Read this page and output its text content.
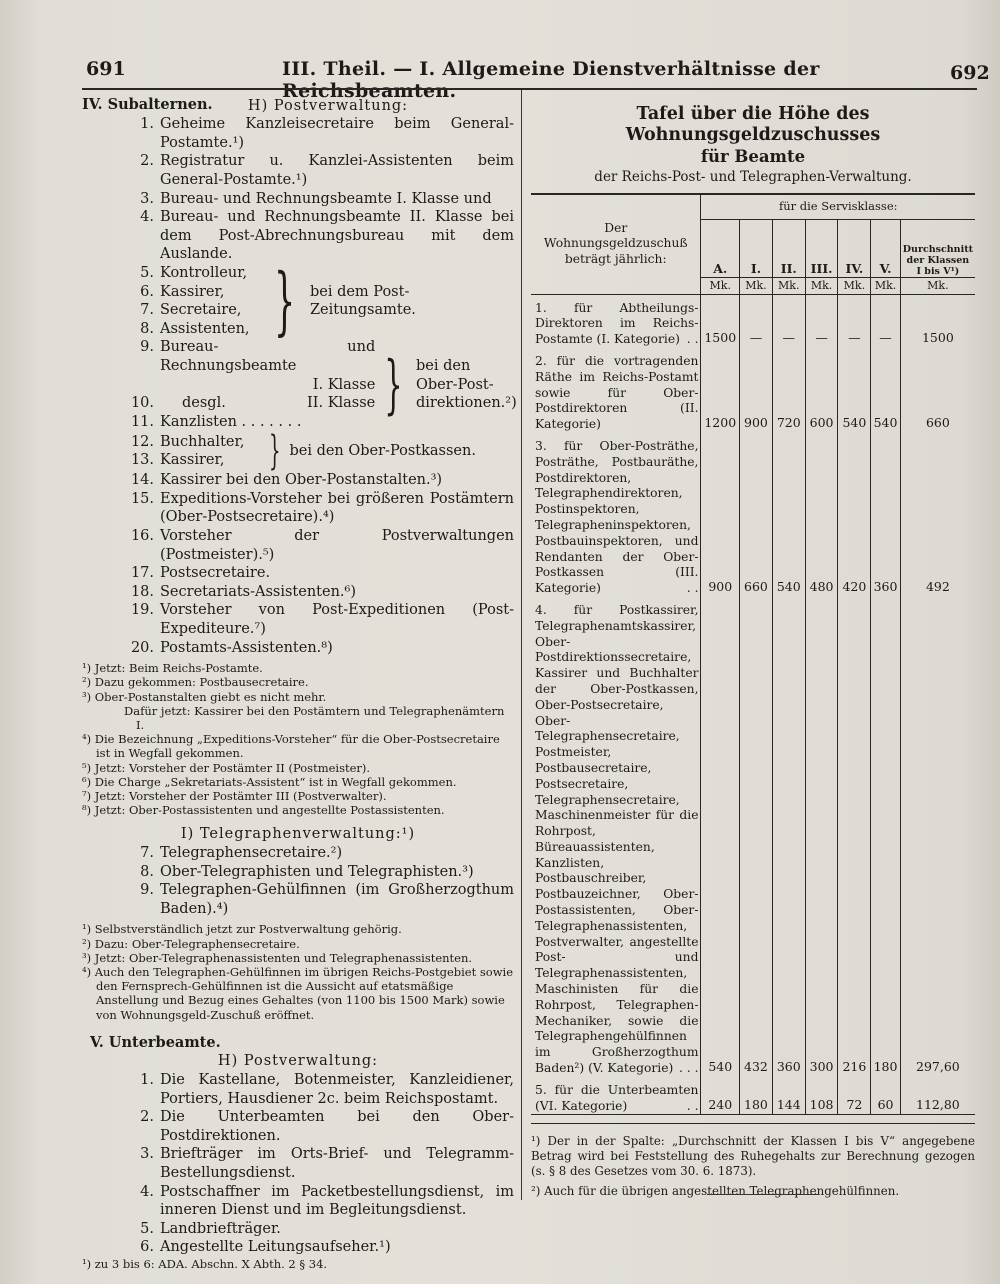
691	III. Theil. — I. Allgemeine Dienstverhältnisse der Reichsbeamten.
692
IV. Subalternen.	H) Postverwaltung:
1. Geheime Kanzleisecretaire beim General-Postamte.¹)
2. Registratur u. Kanzlei-Assistenten beim General-Postamte.¹)
3. Bureau- und Rechnungsbeamte I. Klasse und
4. Bureau- und Rechnungsbeamte II. Klasse bei dem Post-Abrechnungsbureau mit dem Auslande.
5. Kontrolleur,
6. Kassirer,
7. Secretaire,
8. Assistenten, } bei dem Post-Zeitungsamte.
9. Bureau- und Rechnungsbeamte
I. Klasse
10.	desgl.	II. Klasse
11. Kanzlisten . . . . . . .	} bei den Ober-Post-direktionen.²)
12. Buchhalter,
13. Kassirer,	} bei den Ober-Postkassen.
14. Kassirer bei den Ober-Postanstalten.³)
15. Expeditions-Vorsteher bei größeren Postämtern (Ober-Postsecretaire).⁴)
16. Vorsteher der Postverwaltungen (Postmeister).⁵)
17. Postsecretaire.
18. Secretariats-Assistenten.⁶)
19. Vorsteher von Post-Expeditionen (Post-Expediteure.⁷)
20. Postamts-Assistenten.⁸)
¹) Jetzt: Beim Reichs-Postamte.
²) Dazu gekommen: Postbausecretaire.
³) Ober-Postanstalten giebt es nicht mehr.
Dafür jetzt: Kassirer bei den Postämtern und Telegraphenämtern I.
⁴) Die Bezeichnung „Expeditions-Vorsteher“ für die Ober-Postsecretaire ist in Wegfall gekommen.
⁵) Jetzt: Vorsteher der Postämter II (Postmeister).
⁶) Die Charge „Sekretariats-Assistent“ ist in Wegfall gekommen.
⁷) Jetzt: Vorsteher der Postämter III (Postverwalter).
⁸) Jetzt: Ober-Postassistenten und angestellte Postassistenten.
I) Telegraphenverwaltung:¹)
7. Telegraphensecretaire.²)
8. Ober-Telegraphisten und Telegraphisten.³)
9. Telegraphen-Gehülfinnen (im Großherzogthum Baden).⁴)
¹) Selbstverständlich jetzt zur Postverwaltung gehörig.
²) Dazu: Ober-Telegraphensecretaire.
³) Jetzt: Ober-Telegraphenassistenten und Telegraphenassistenten.
⁴) Auch den Telegraphen-Gehülfinnen im übrigen Reichs-Postgebiet sowie den Fernsprech-Gehülfinnen ist die Aussicht auf etatsmäßige Anstellung und Bezug eines Gehaltes (von 1100 bis 1500 Mark) sowie von Wohnungsgeld-Zuschuß eröffnet.
V. Unterbeamte.
H) Postverwaltung:
1. Die Kastellane, Botenmeister, Kanzleidiener, Portiers, Hausdiener 2c. beim Reichspostamt.
2. Die Unterbeamten bei den Ober-Postdirektionen.
3. Briefträger im Orts-Brief- und Telegramm-Bestellungsdienst.
4. Postschaffner im Packetbestellungsdienst, im inneren Dienst und im Begleitungsdienst.
5. Landbriefträger.
6. Angestellte Leitungsaufseher.¹)
¹) zu 3 bis 6: ADA. Abschn. X Abth. 2 § 34.
Tafel über die Höhe des Wohnungsgeldzuschusses
für Beamte
der Reichs-Post- und Telegraphen-Verwaltung.
Der Wohnungsgeldzuschuß beträgt jährlich:	für die Servisklasse:						
	A.	I.	II.	III.	IV.	V.	Durchschnitt der Klassen I bis V¹)
	Mk.	Mk.	Mk.	Mk.	Mk.	Mk.	Mk.
1. für Abtheilungs-Direktoren im Reichs-Postamte (I. Kategorie) . .	1500	—	—	—	—	—	1500
2. für die vortragenden Räthe im Reichs-Postamt sowie für Ober-Postdirektoren (II. Kategorie)	1200	900	720	600	540	540	660
3. für Ober-Posträthe, Posträthe, Postbauräthe, Postdirektoren, Telegraphendirektoren, Postinspektoren, Telegrapheninspektoren, Postbauinspektoren, und Rendanten der Ober-Postkassen (III. Kategorie) . .	900	660	540	480	420	360	492
4. für Postkassirer, Telegraphenamtskassirer, Ober-Postdirektionssecretaire, Kassirer und Buchhalter der Ober-Postkassen, Ober-Postsecretaire, Ober-Telegraphensecretaire, Postmeister, Postbausecretaire, Postsecretaire, Telegraphensecretaire, Maschinenmeister für die Rohrpost, Büreauassistenten, Kanzlisten, Postbauschreiber, Postbauzeichner, Ober-Postassistenten, Ober-Telegraphenassistenten, Postverwalter, angestellte Post- und Telegraphenassistenten, Maschinisten für die Rohrpost, Telegraphen-Mechaniker, sowie die Telegraphengehülfinnen im Großherzogthum Baden²) (V. Kategorie) . . .	540	432	360	300	216	180	297,60
5. für die Unterbeamten (VI. Kategorie) . .	240	180	144	108	72	60	112,80
¹) Der in der Spalte: „Durchschnitt der Klassen I bis V“ angegebene Betrag wird bei Feststellung des Ruhegehalts zur Berechnung gezogen (s. § 8 des Gesetzes vom 30. 6. 1873).
²) Auch für die übrigen angestellten Telegraphengehülfinnen.
